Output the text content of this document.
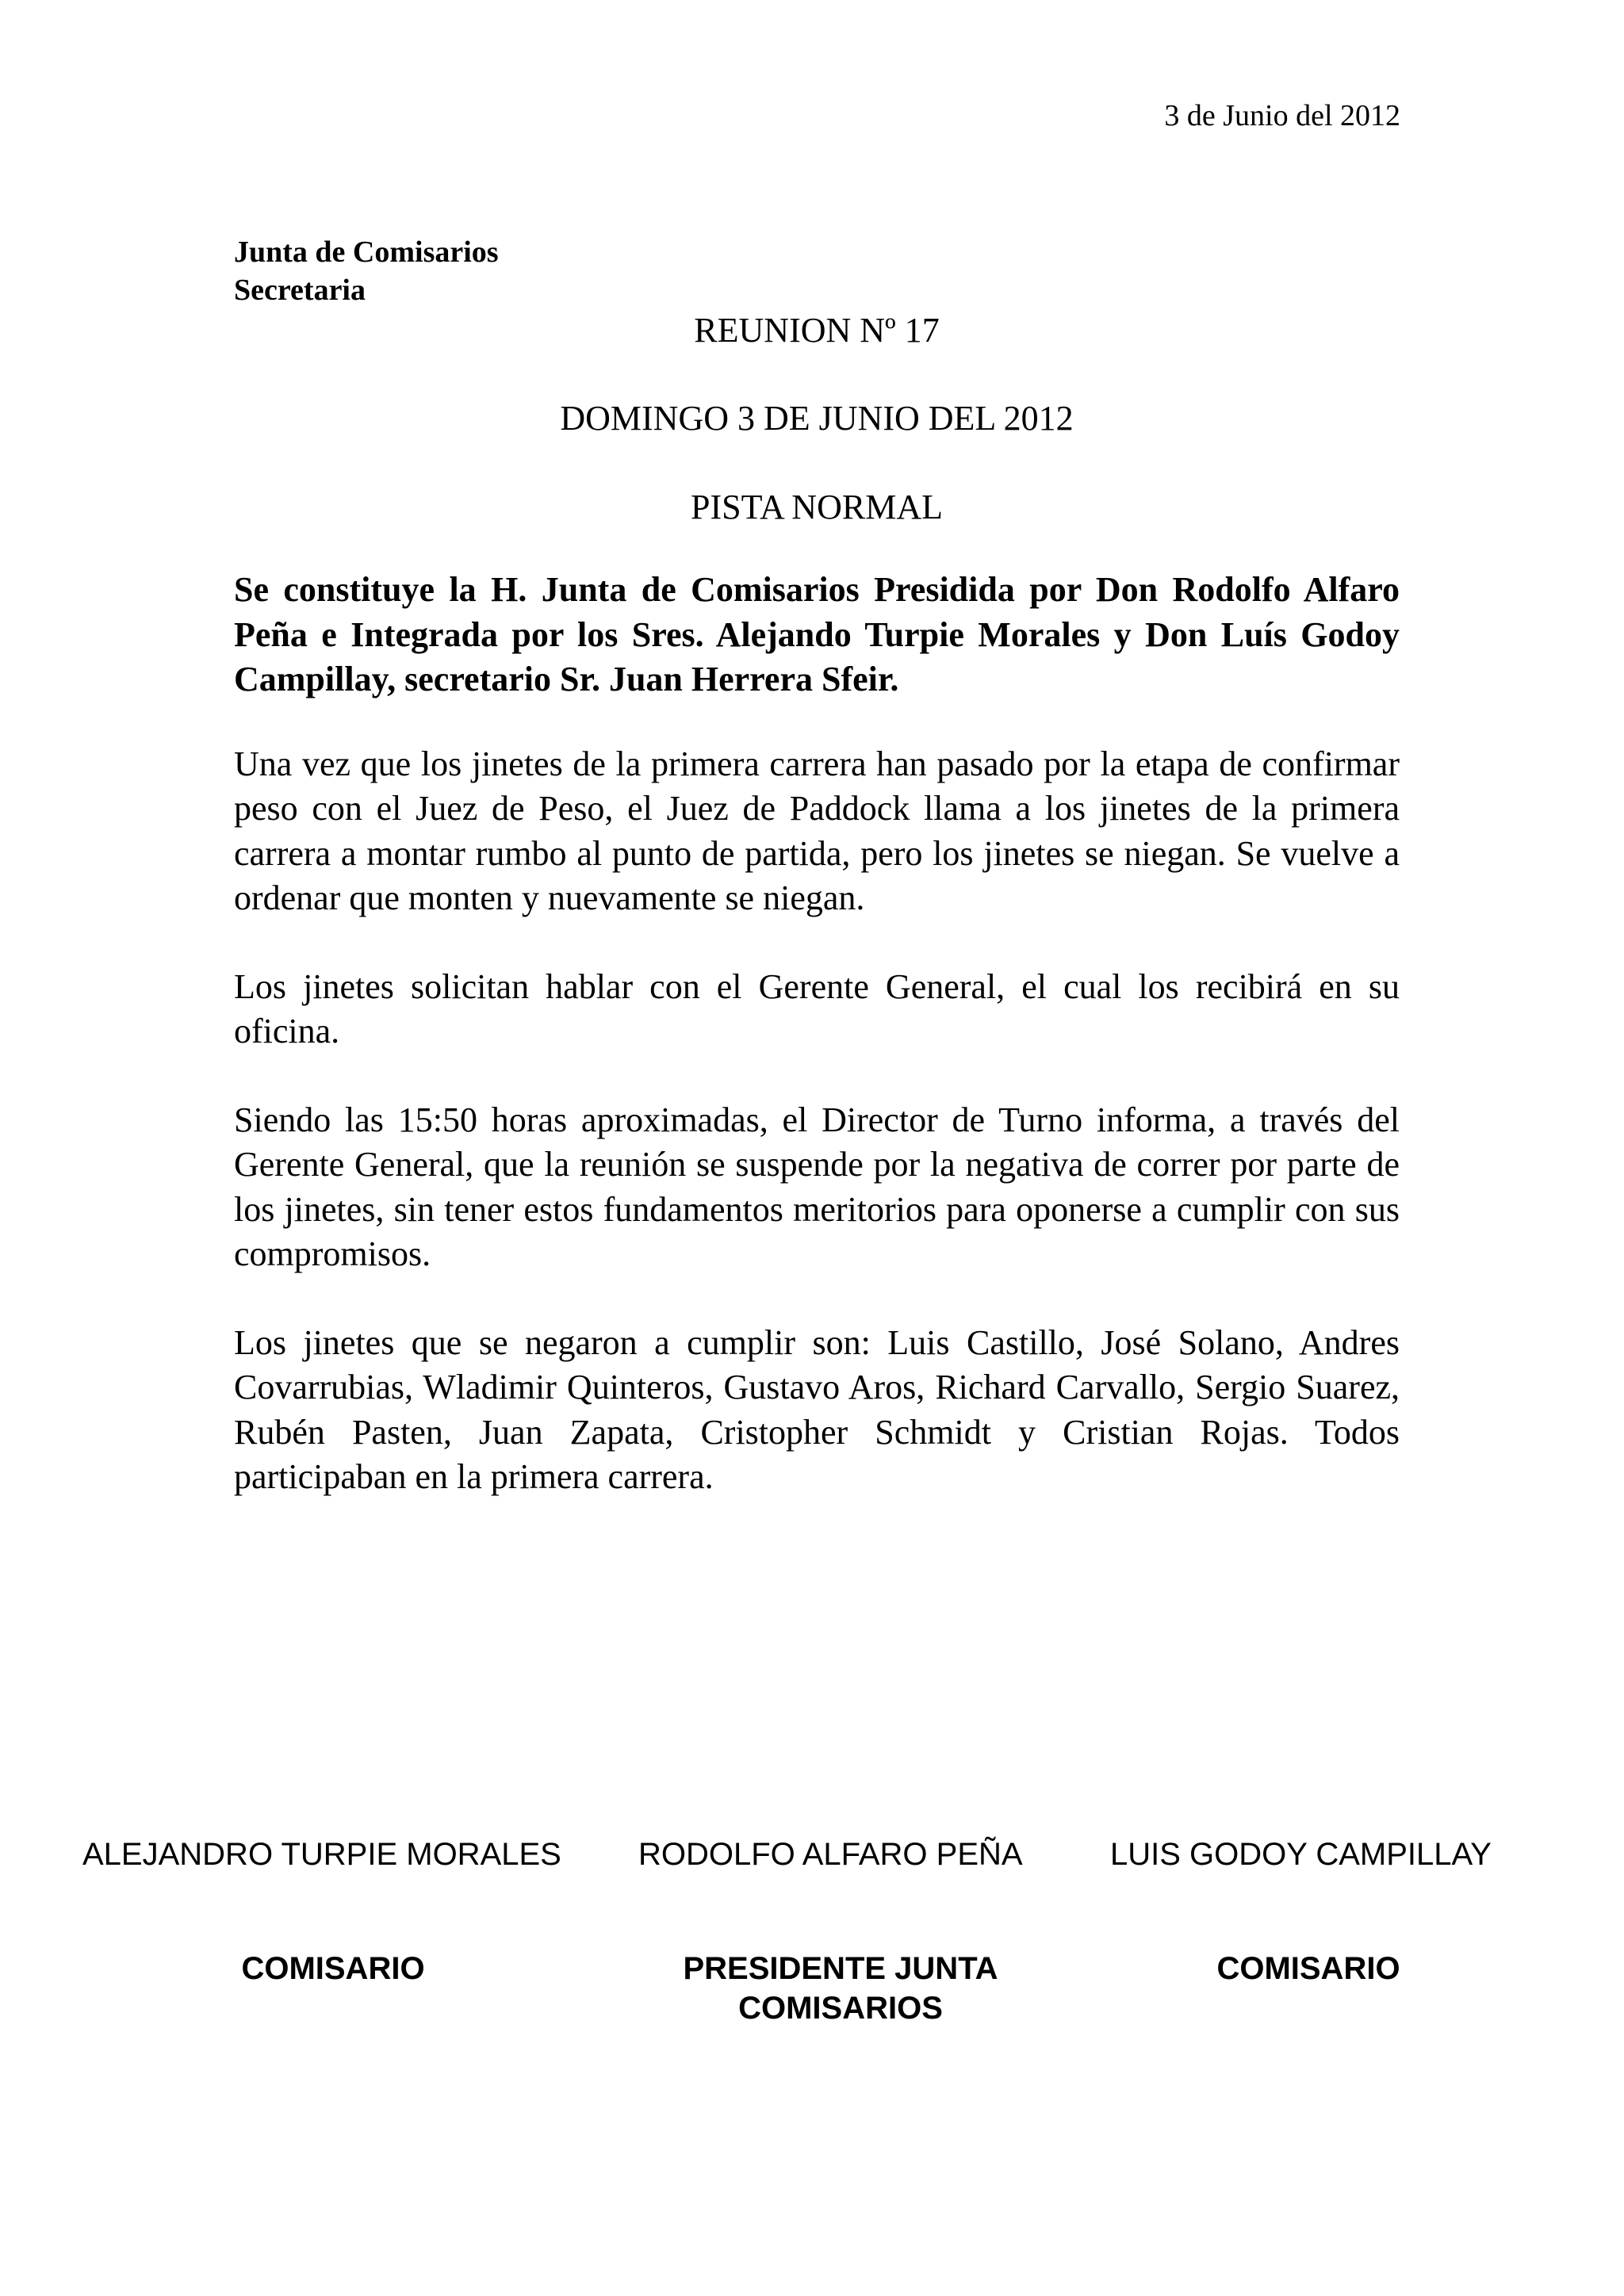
3 de Junio del 2012
Junta de Comisarios
Secretaria
REUNION Nº 17
DOMINGO 3 DE JUNIO DEL 2012
PISTA NORMAL

Se constituye la H. Junta de Comisarios Presidida por Don Rodolfo Alfaro Peña e Integrada por los Sres. Alejando Turpie Morales y Don Luís Godoy Campillay, secretario Sr. Juan Herrera Sfeir.

Una vez que los jinetes de la primera carrera han pasado por la etapa de confirmar peso con el Juez de Peso, el Juez de Paddock llama a los jinetes de la primera carrera a montar rumbo al punto de partida, pero los jinetes se niegan. Se vuelve a ordenar que monten y nuevamente se niegan.

Los jinetes solicitan hablar con el Gerente General, el cual los recibirá en su oficina.

Siendo las 15:50 horas aproximadas, el Director de Turno informa, a través del Gerente General, que la reunión se suspende por la negativa de correr por parte de los jinetes, sin tener estos fundamentos meritorios para oponerse a cumplir con sus compromisos.

Los jinetes que se negaron a cumplir son: Luis Castillo, José Solano, Andres Covarrubias, Wladimir Quinteros, Gustavo Aros, Richard Carvallo, Sergio Suarez, Rubén Pasten, Juan Zapata, Cristopher Schmidt y Cristian Rojas. Todos participaban en la primera carrera.

ALEJANDRO TURPIE MORALES RODOLFO ALFARO PEÑA	LUIS GODOY CAMPILLAY
COMISARIO	PRESIDENTE JUNTA
COMISARIOS
COMISARIO
